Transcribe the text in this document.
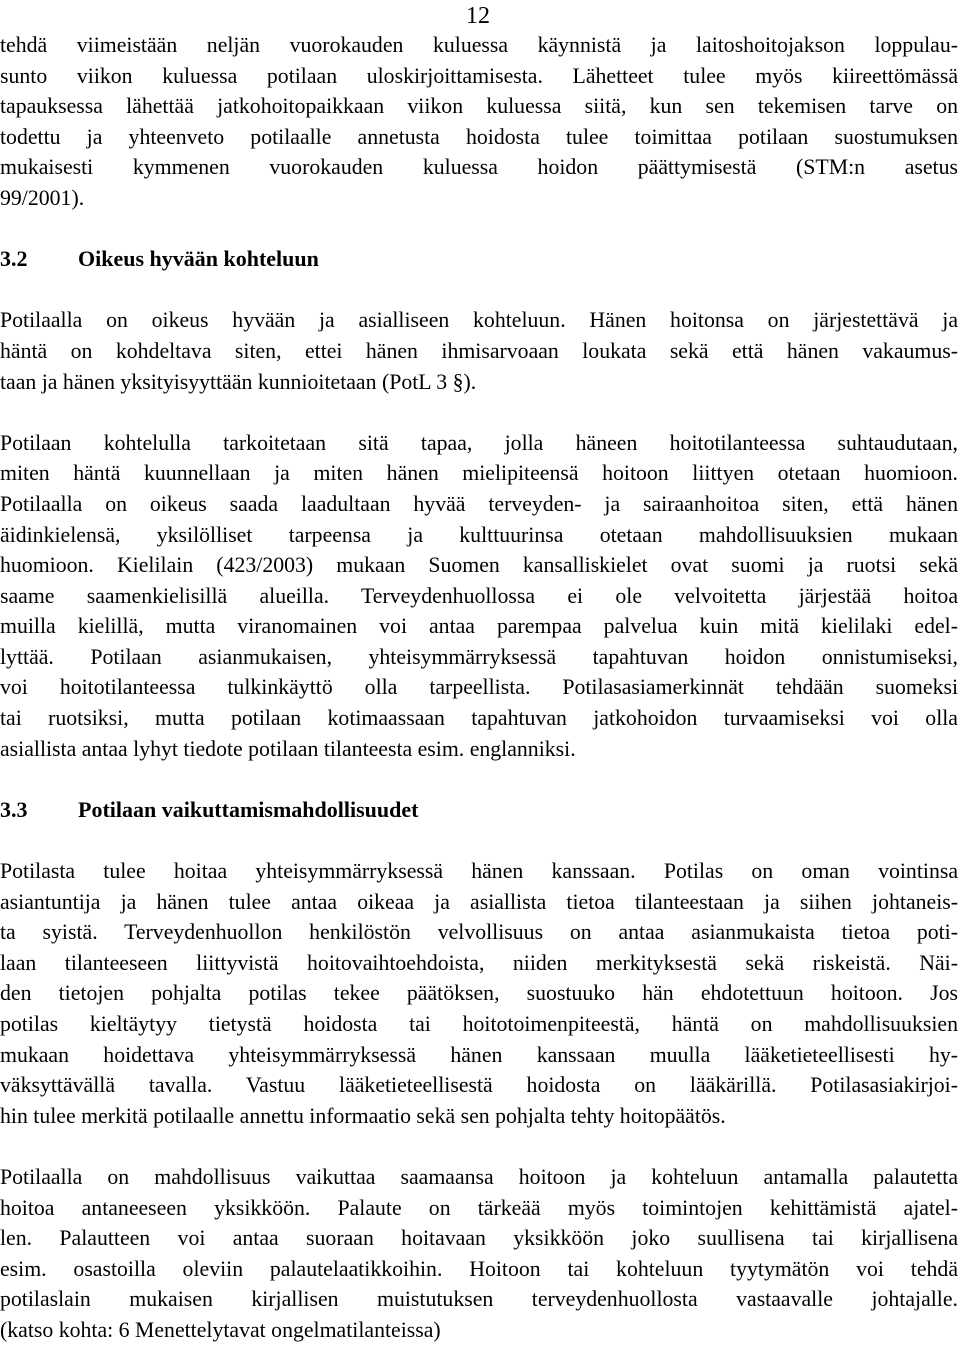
12
tehdä viimeistään neljän vuorokauden kuluessa käynnistä ja laitoshoitojakson loppulau-
sunto viikon kuluessa potilaan uloskirjoittamisesta. Lähetteet tulee myös kiireettömässä
tapauksessa lähettää jatkohoitopaikkaan viikon kuluessa siitä, kun sen tekemisen tarve on
todettu ja yhteenveto potilaalle annetusta hoidosta tulee toimittaa potilaan suostumuksen
mukaisesti kymmenen vuorokauden kuluessa hoidon päättymisestä (STM:n asetus
99/2001).
3.2 Oikeus hyvään kohteluun
Potilaalla on oikeus hyvään ja asialliseen kohteluun. Hänen hoitonsa on järjestettävä ja
häntä on kohdeltava siten, ettei hänen ihmisarvoaan loukata sekä että hänen vakaumus-
taan ja hänen yksityisyyttään kunnioitetaan (PotL 3 §).
Potilaan kohtelulla tarkoitetaan sitä tapaa, jolla häneen hoitotilanteessa suhtaudutaan,
miten häntä kuunnellaan ja miten hänen mielipiteensä hoitoon liittyen otetaan huomioon.
Potilaalla on oikeus saada laadultaan hyvää terveyden- ja sairaanhoitoa siten, että hänen
äidinkielensä, yksilölliset tarpeensa ja kulttuurinsa otetaan mahdollisuuksien mukaan
huomioon. Kielilain (423/2003) mukaan Suomen kansalliskielet ovat suomi ja ruotsi sekä
saame saamenkielisillä alueilla. Terveydenhuollossa ei ole velvoitetta järjestää hoitoa
muilla kielillä, mutta viranomainen voi antaa parempaa palvelua kuin mitä kielilaki edel-
lyttää. Potilaan asianmukaisen, yhteisymmärryksessä tapahtuvan hoidon onnistumiseksi,
voi hoitotilanteessa tulkinkäyttö olla tarpeellista. Potilasasiamerkinnät tehdään suomeksi
tai ruotsiksi, mutta potilaan kotimaassaan tapahtuvan jatkohoidon turvaamiseksi voi olla
asiallista antaa lyhyt tiedote potilaan tilanteesta esim. englanniksi.
3.3 Potilaan vaikuttamismahdollisuudet
Potilasta tulee hoitaa yhteisymmärryksessä hänen kanssaan. Potilas on oman vointinsa
asiantuntija ja hänen tulee antaa oikeaa ja asiallista tietoa tilanteestaan ja siihen johtaneis-
ta syistä. Terveydenhuollon henkilöstön velvollisuus on antaa asianmukaista tietoa poti-
laan tilanteeseen liittyvistä hoitovaihtoehdoista, niiden merkityksestä sekä riskeistä. Näi-
den tietojen pohjalta potilas tekee päätöksen, suostuuko hän ehdotettuun hoitoon. Jos
potilas kieltäytyy tietystä hoidosta tai hoitotoimenpiteestä, häntä on mahdollisuuksien
mukaan hoidettava yhteisymmärryksessä hänen kanssaan muulla lääketieteellisesti hy-
väksyttävällä tavalla. Vastuu lääketieteellisestä hoidosta on lääkärillä. Potilasasiakirjoi-
hin tulee merkitä potilaalle annettu informaatio sekä sen pohjalta tehty hoitopäätös.
Potilaalla on mahdollisuus vaikuttaa saamaansa hoitoon ja kohteluun antamalla palautetta
hoitoa antaneeseen yksikköön. Palaute on tärkeää myös toimintojen kehittämistä ajatel-
len. Palautteen voi antaa suoraan hoitavaan yksikköön joko suullisena tai kirjallisena
esim. osastoilla oleviin palautelaatikkoihin. Hoitoon tai kohteluun tyytymätön voi tehdä
potilaslain mukaisen kirjallisen muistutuksen terveydenhuollosta vastaavalle johtajalle.
(katso kohta: 6 Menettelytavat ongelmatilanteissa)
